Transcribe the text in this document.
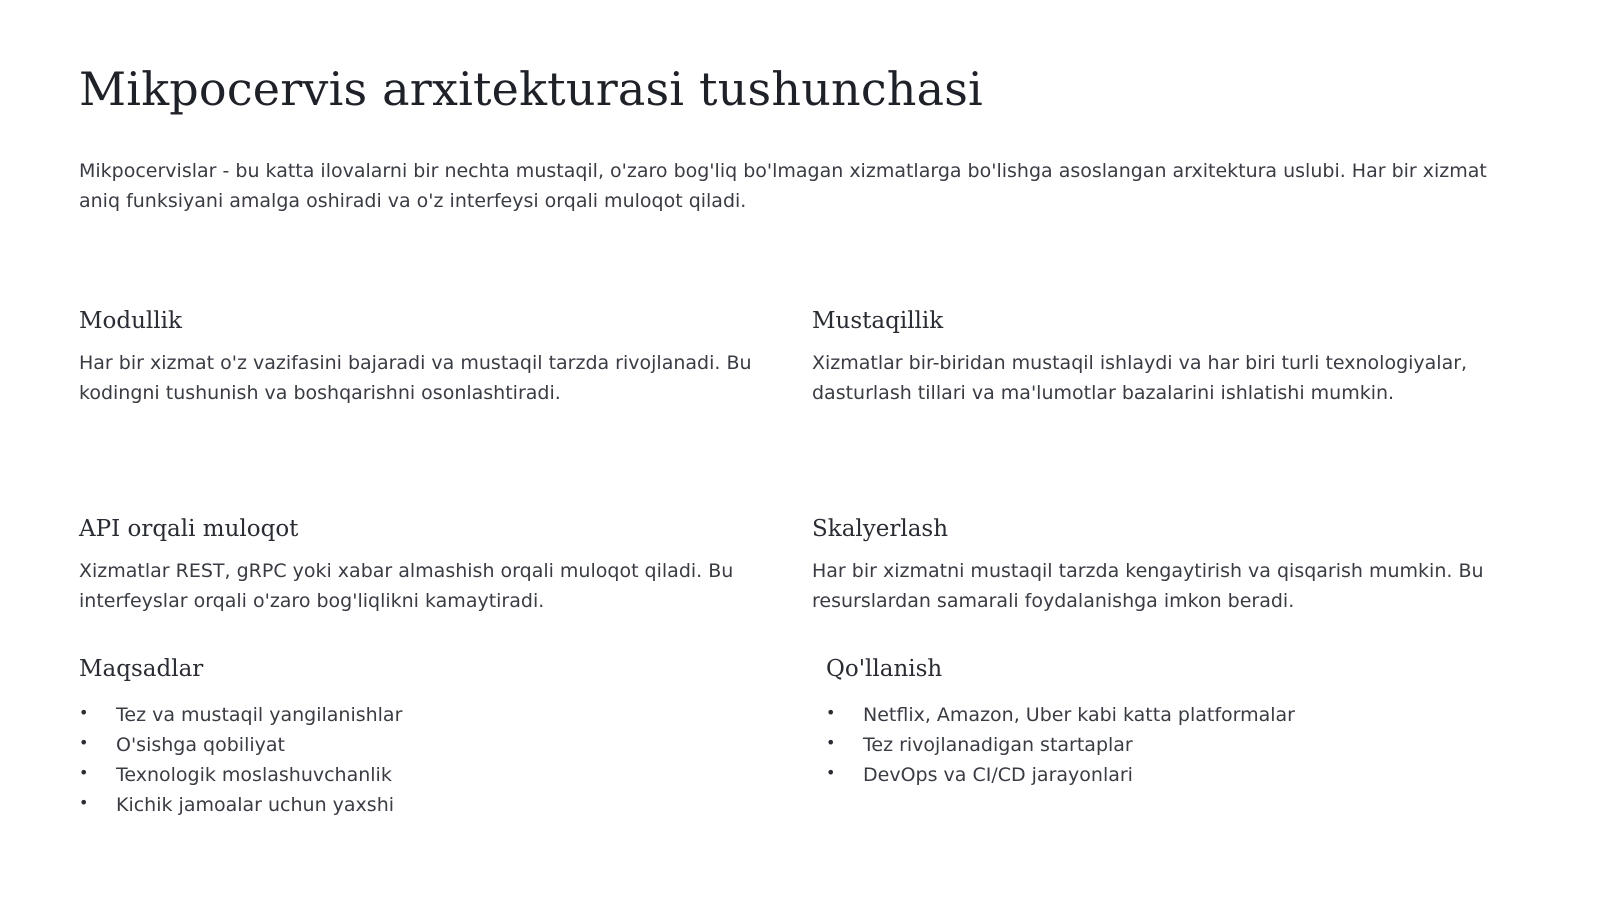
Mikpocervis arxitekturasi tushunchasi

Mikpocervislar - bu katta ilovalarni bir nechta mustaqil, o'zaro bog'liq bo'lmagan xizmatlarga bo'lishga asoslangan arxitektura uslubi. Har bir xizmat aniq funksiyani amalga oshiradi va o'z interfeysi orqali muloqot qiladi.

Modullik

Har bir xizmat o'z vazifasini bajaradi va mustaqil tarzda rivojlanadi. Bu kodingni tushunish va boshqarishni osonlashtiradi.

Mustaqillik

Xizmatlar bir-biridan mustaqil ishlaydi va har biri turli texnologiyalar, dasturlash tillari va ma'lumotlar bazalarini ishlatishi mumkin.

API orqali muloqot

Xizmatlar REST, gRPC yoki xabar almashish orqali muloqot qiladi. Bu interfeyslar orqali o'zaro bog'liqlikni kamaytiradi.

Skalyerlash

Har bir xizmatni mustaqil tarzda kengaytirish va qisqarish mumkin. Bu resurslardan samarali foydalanishga imkon beradi.

Maqsadlar
• Tez va mustaqil yangilanishlar
• O'sishga qobiliyat
• Texnologik moslashuvchanlik
• Kichik jamoalar uchun yaxshi
Qo'llanish
• Netflix, Amazon, Uber kabi katta platformalar
• Tez rivojlanadigan startaplar
• DevOps va CI/CD jarayonlari
